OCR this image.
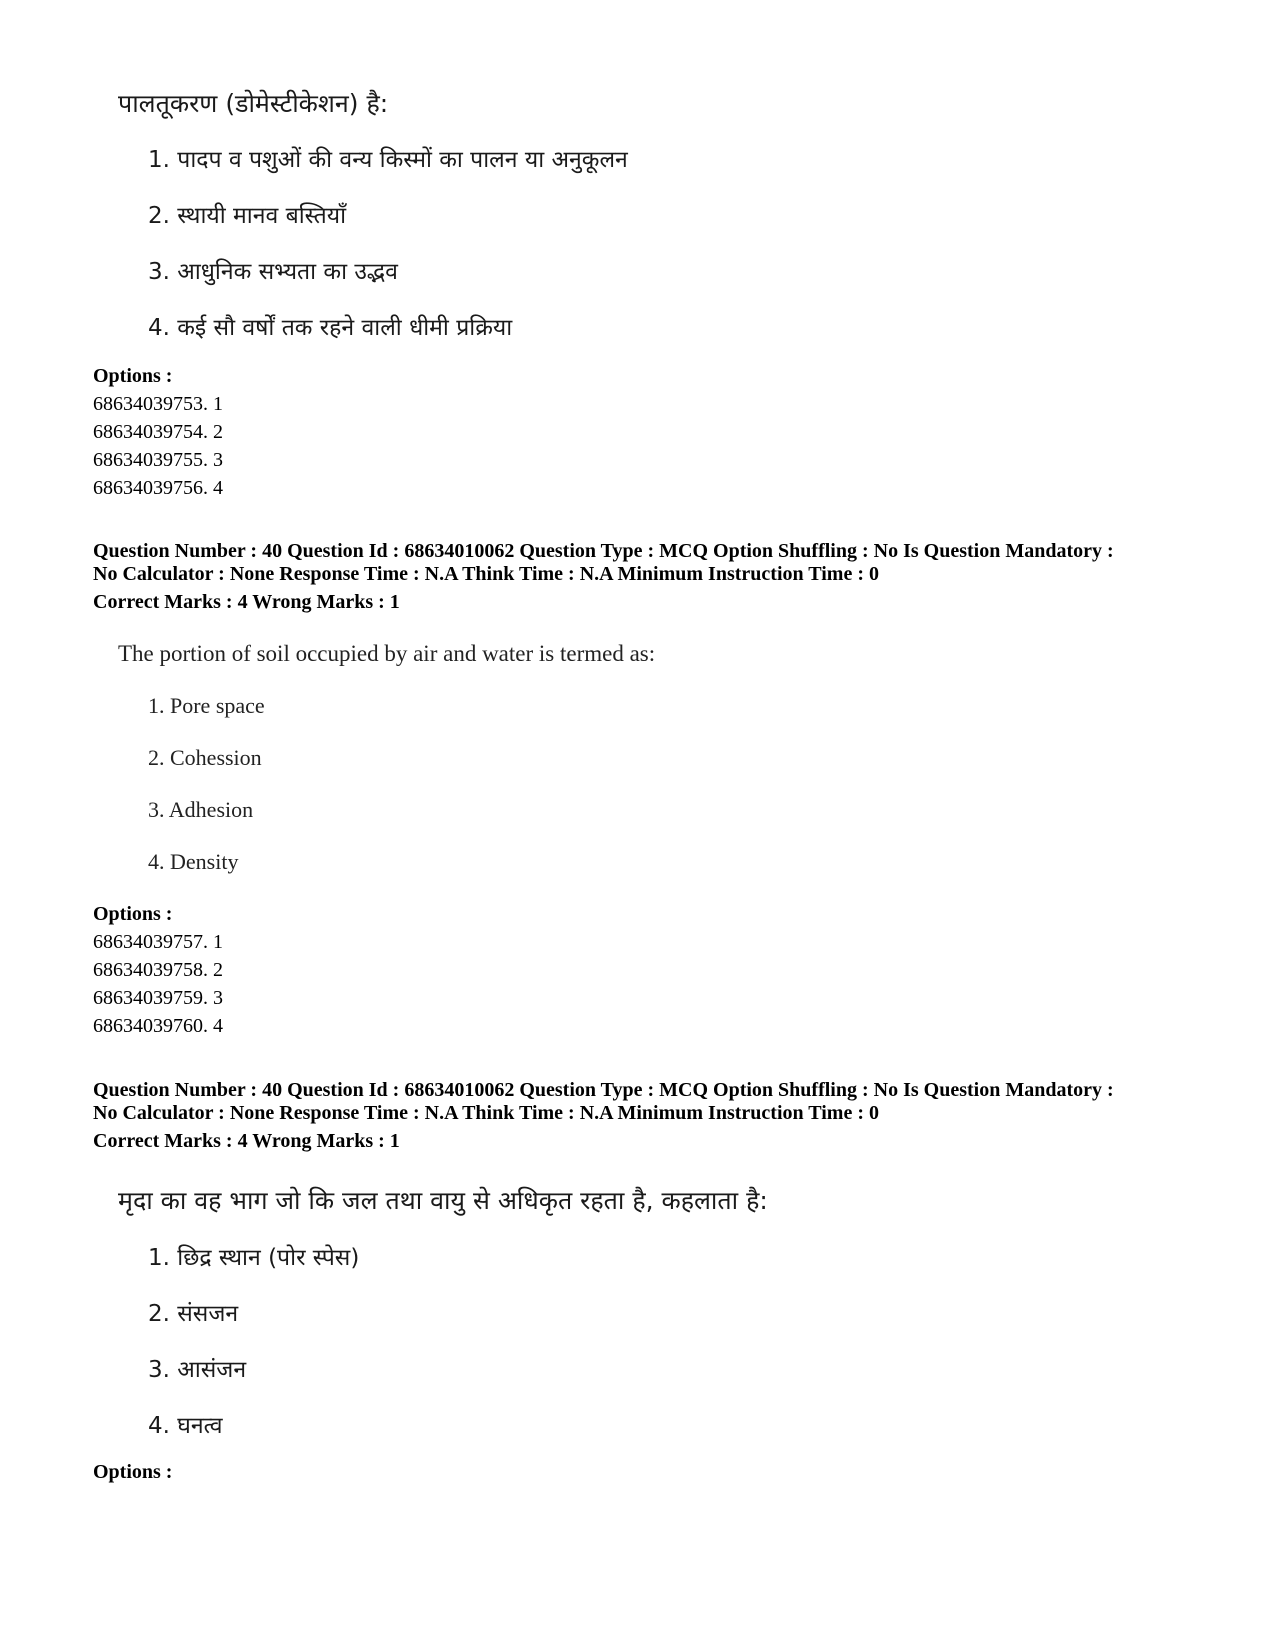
पालतूकरण (डोमेस्टीकेशन) है:
1. पादप व पशुओं की वन्य किस्मों का पालन या अनुकूलन
2. स्थायी मानव बस्तियाँ
3. आधुनिक सभ्यता का उद्भव
4. कई सौ वर्षों तक रहने वाली धीमी प्रक्रिया
Options :
68634039753. 1
68634039754. 2
68634039755. 3
68634039756. 4
Question Number : 40 Question Id : 68634010062 Question Type : MCQ Option Shuffling : No Is Question Mandatory :
No Calculator : None Response Time : N.A Think Time : N.A Minimum Instruction Time : 0
Correct Marks : 4 Wrong Marks : 1
The portion of soil occupied by air and water is termed as:
1. Pore space
2. Cohession
3. Adhesion
4. Density
Options :
68634039757. 1
68634039758. 2
68634039759. 3
68634039760. 4
Question Number : 40 Question Id : 68634010062 Question Type : MCQ Option Shuffling : No Is Question Mandatory :
No Calculator : None Response Time : N.A Think Time : N.A Minimum Instruction Time : 0
Correct Marks : 4 Wrong Marks : 1
मृदा का वह भाग जो कि जल तथा वायु से अधिकृत रहता है, कहलाता है:
1. छिद्र स्थान (पोर स्पेस)
2. संसजन
3. आसंजन
4. घनत्व
Options :
